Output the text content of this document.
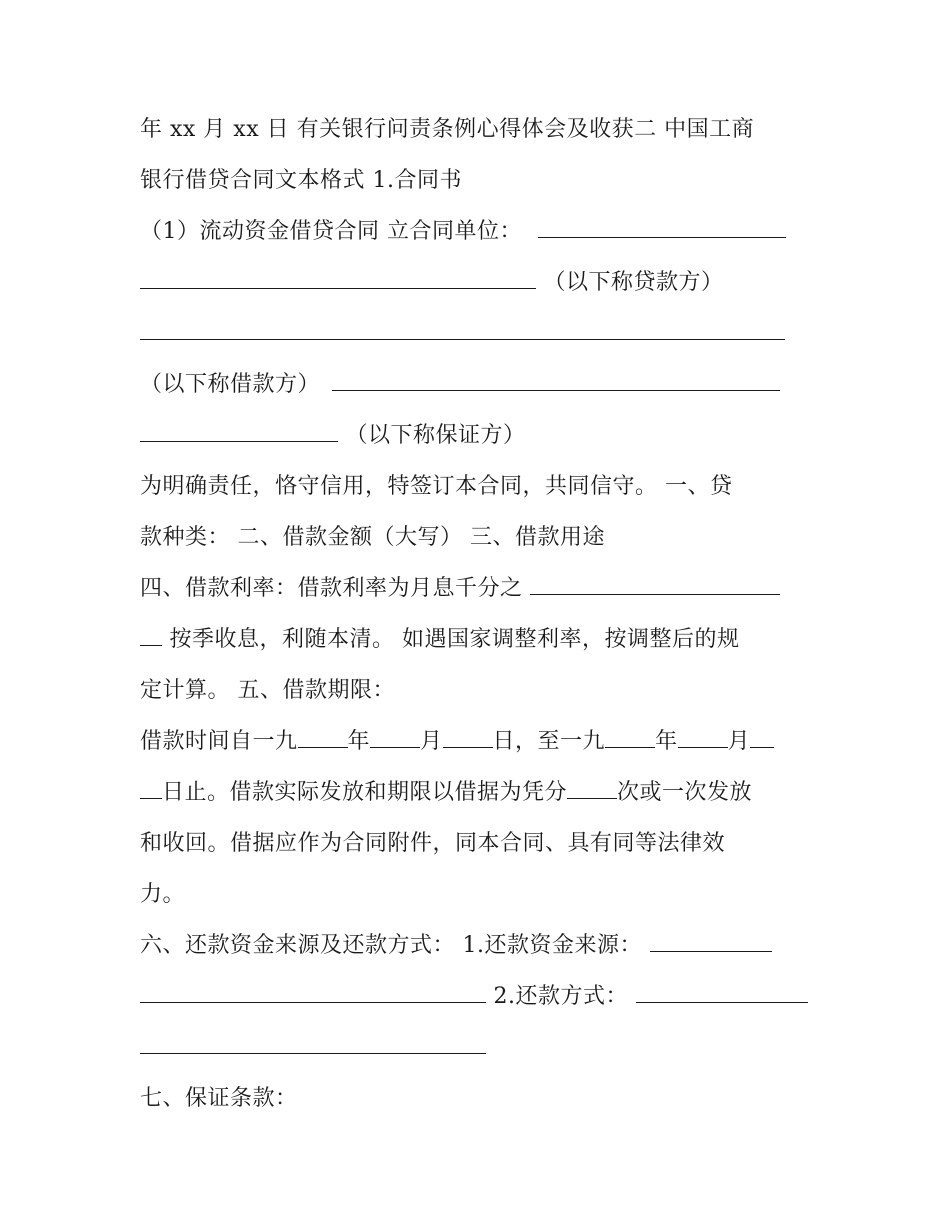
年 xx 月 xx 日 有关银行问责条例心得体会及收获二 中国工商
银行借贷合同文本格式 1.合同书
（1）流动资金借贷合同 立合同单位：
（以下称贷款方）
（以下称借款方）
（以下称保证方）
为明确责任，恪守信用，特签订本合同，共同信守。 一、贷
款种类： 二、借款金额（大写） 三、借款用途
四、借款利率：借款利率为月息千分之
按季收息，利随本清。 如遇国家调整利率，按调整后的规
定计算。 五、借款期限：
借款时间自一九 年 月 日，至一九 年 月
日止。借款实际发放和期限以借据为凭分 次或一次发放
和收回。借据应作为合同附件，同本合同、具有同等法律效
力。
六、还款资金来源及还款方式： 1.还款资金来源：
2.还款方式：
七、保证条款：
